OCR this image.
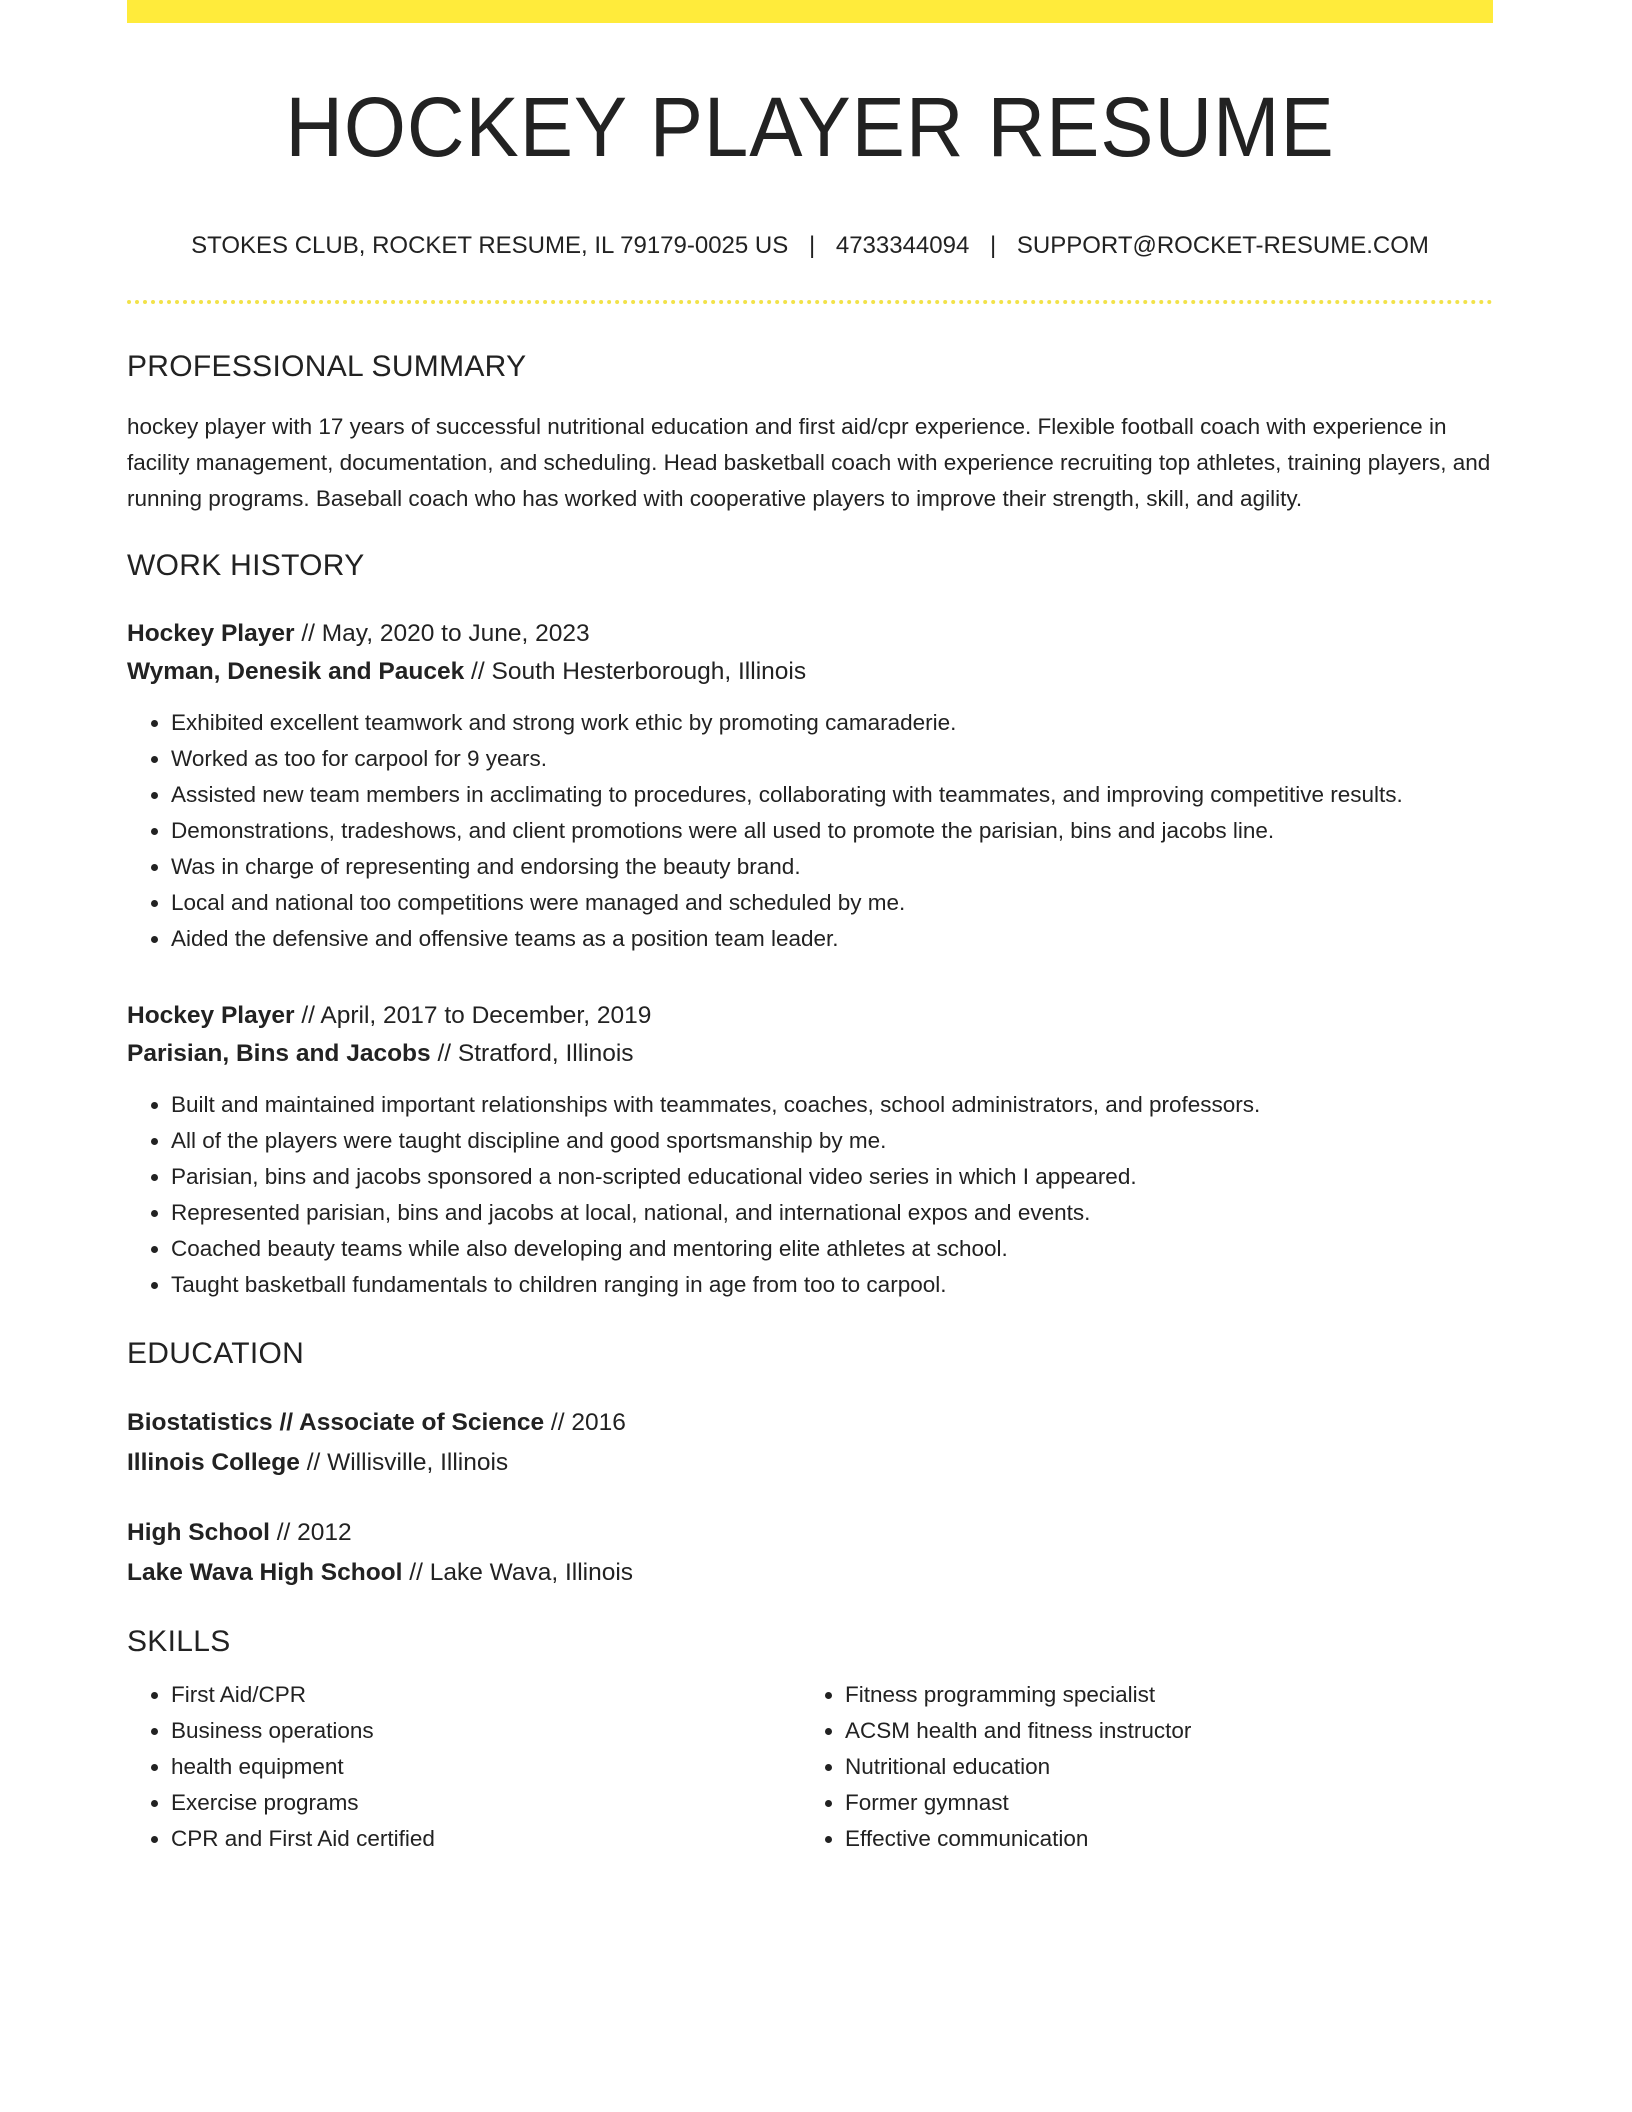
HOCKEY PLAYER RESUME
STOKES CLUB, ROCKET RESUME, IL 79179-0025 US | 4733344094 | SUPPORT@ROCKET-RESUME.COM
PROFESSIONAL SUMMARY
hockey player with 17 years of successful nutritional education and first aid/cpr experience. Flexible football coach with experience in facility management, documentation, and scheduling. Head basketball coach with experience recruiting top athletes, training players, and running programs. Baseball coach who has worked with cooperative players to improve their strength, skill, and agility.
WORK HISTORY
Hockey Player // May, 2020 to June, 2023
Wyman, Denesik and Paucek // South Hesterborough, Illinois
• Exhibited excellent teamwork and strong work ethic by promoting camaraderie.
• Worked as too for carpool for 9 years.
• Assisted new team members in acclimating to procedures, collaborating with teammates, and improving competitive results.
• Demonstrations, tradeshows, and client promotions were all used to promote the parisian, bins and jacobs line.
• Was in charge of representing and endorsing the beauty brand.
• Local and national too competitions were managed and scheduled by me.
• Aided the defensive and offensive teams as a position team leader.
Hockey Player // April, 2017 to December, 2019
Parisian, Bins and Jacobs // Stratford, Illinois
• Built and maintained important relationships with teammates, coaches, school administrators, and professors.
• All of the players were taught discipline and good sportsmanship by me.
• Parisian, bins and jacobs sponsored a non-scripted educational video series in which I appeared.
• Represented parisian, bins and jacobs at local, national, and international expos and events.
• Coached beauty teams while also developing and mentoring elite athletes at school.
• Taught basketball fundamentals to children ranging in age from too to carpool.
EDUCATION
Biostatistics // Associate of Science // 2016
Illinois College // Willisville, Illinois
High School // 2012
Lake Wava High School // Lake Wava, Illinois
SKILLS
• First Aid/CPR
• Business operations
• health equipment
• Exercise programs
• CPR and First Aid certified
• Fitness programming specialist
• ACSM health and fitness instructor
• Nutritional education
• Former gymnast
• Effective communication
